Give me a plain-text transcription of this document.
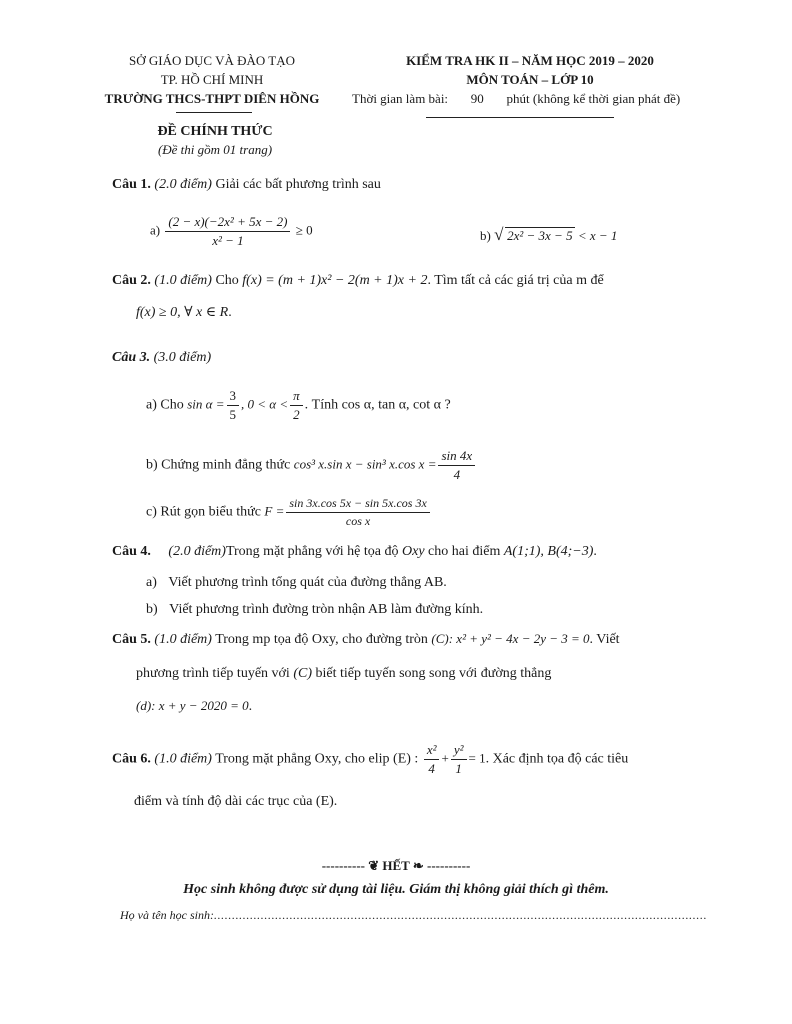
SỞ GIÁO DỤC VÀ ĐÀO TẠO
TP. HỒ CHÍ MINH
TRƯỜNG THCS-THPT DIÊN HỒNG
KIỂM TRA HK II – NĂM HỌC 2019 – 2020
MÔN TOÁN – LỚP 10
Thời gian làm bài: 90 phút (không kể thời gian phát đề)
ĐỀ CHÍNH THỨC
(Đề thi gồm 01 trang)
Câu 1. (2.0 điểm) Giải các bất phương trình sau
$a) \frac{\text{(2 − x)(−2x² + 5x − 2)}}{\text{x² − 1}} \ge 0$	b) √ 2x² − 3x − 5 < x − 1
Câu 2. (1.0 điểm) Cho f(x) = (m + 1)x² − 2(m + 1)x + 2. Tìm tất cả các giá trị của m để
f(x) ≥ 0, ∀ x ∈ R.
Câu 3. (3.0 điểm)
a) Cho $\sin \alpha = \frac{3}{5}$ , $0 < \alpha < \frac{\pi}{2}$ . Tính cos α, tan α, cot α ?
b) Chứng minh đẳng thức cos³ x.sin x − sin³ x.cos $x = \frac{\sin 4x}{4}$
c) Rút gọn biểu thức $F = \frac{\sin 3x.\cos 5x - \sin 5x.\cos 3x}{\text{cos x}}$
Câu 4. (2.0 điểm)Trong mặt phẳng với hệ tọa độ Oxy cho hai điểm A(1;1), B(4;−3).
a) Viết phương trình tổng quát của đường thẳng AB.
b) Viết phương trình đường tròn nhận AB làm đường kính.
Câu 5. (1.0 điểm) Trong mp tọa độ Oxy, cho đường tròn (C): x² + y² − 4x − 2y − 3 = 0. Viết
phương trình tiếp tuyến với (C) biết tiếp tuyến song song với đường thẳng
(d): x + y − 2020 = 0.
Câu 6. (1.0 điểm) Trong mặt phẳng Oxy, cho elip (E) : $\frac{\text{x²}}{4} + \frac{\text{y²}}{1} = 1$. Xác định tọa độ các tiêu
điểm và tính độ dài các trục của (E).
---------- ❦ HẾT ❧ ----------
Học sinh không được sử dụng tài liệu. Giám thị không giải thích gì thêm.
Họ và tên học sinh:.........................................................................................................................................
